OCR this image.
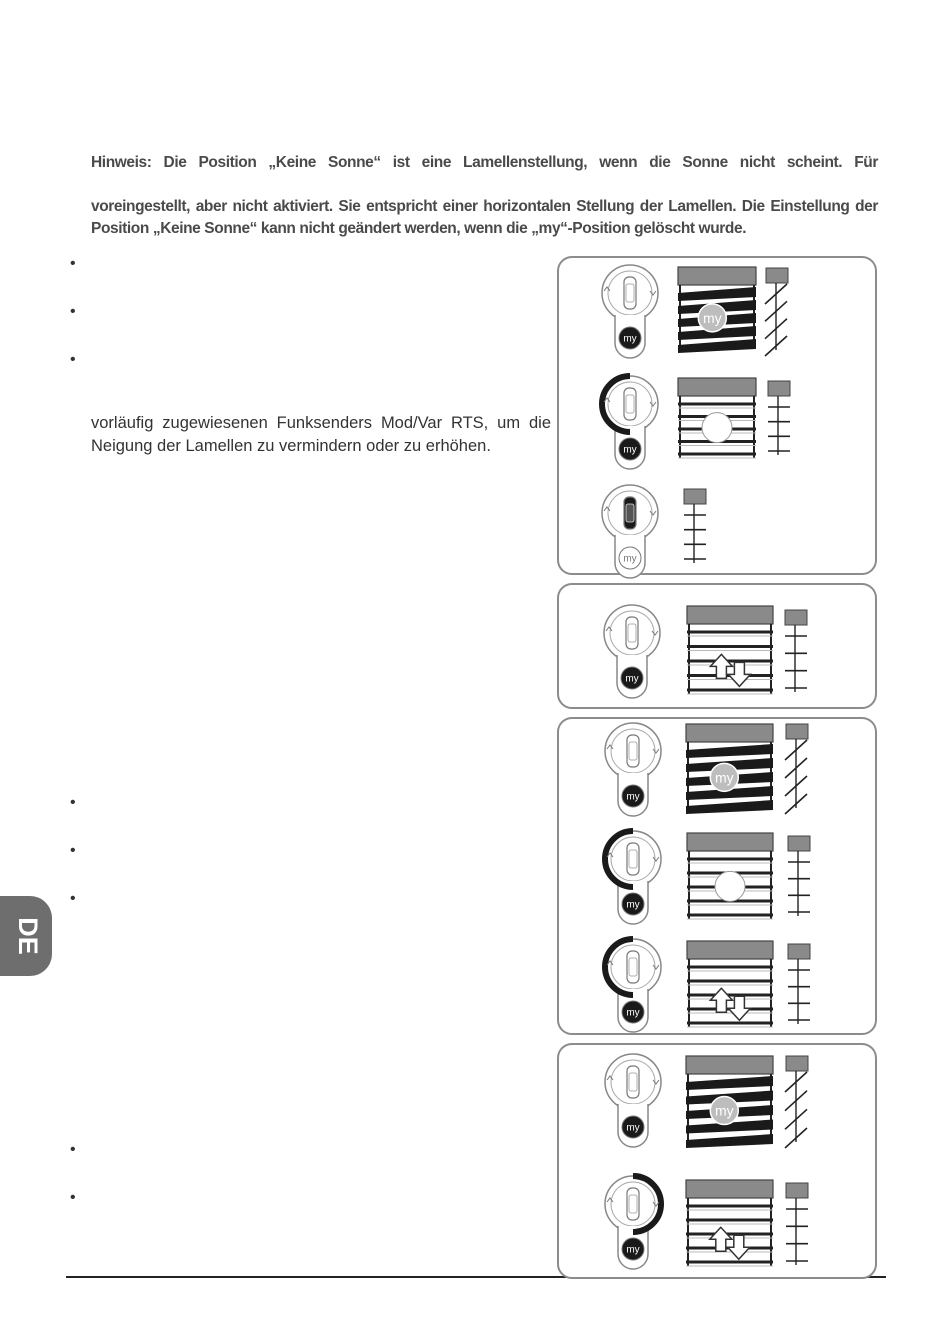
Hinweis: Die Position „Keine Sonne“ ist eine Lamellenstellung, wenn die Sonne nicht scheint. Für

voreingestellt, aber nicht aktiviert. Sie entspricht einer horizontalen Stellung der Lamellen. Die Einstellung der Position „Keine Sonne“ kann nicht geändert werden, wenn die „my“-Position gelöscht wurde.

•
•
•
•
•
•
•
•
vorläufig zugewiesenen Funksenders Mod/Var RTS, um die
Neigung der Lamellen zu vermindern oder zu erhöhen.
DE
my
my
my
my
my
my
my
my
my
my
my
my
